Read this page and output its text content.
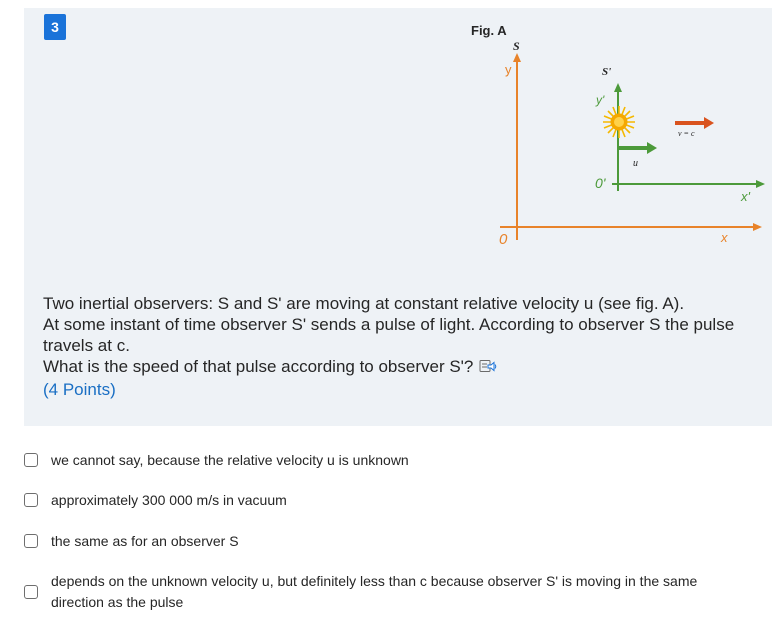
3	Fig. A
S
y
x
0
S'
y'
x'
0'
u
v = c

Two inertial observers: S and S' are moving at constant relative velocity u (see fig. A).

At some instant of time observer S' sends a pulse of light. According to observer S the pulse travels at c.

What is the speed of that pulse according to observer S'?

(4 Points)

we cannot say, because the relative velocity u is unknown
approximately 300 000 m/s in vacuum
the same as for an observer S
depends on the unknown velocity u, but definitely less than c because observer S' is moving in the same direction as the pulse
